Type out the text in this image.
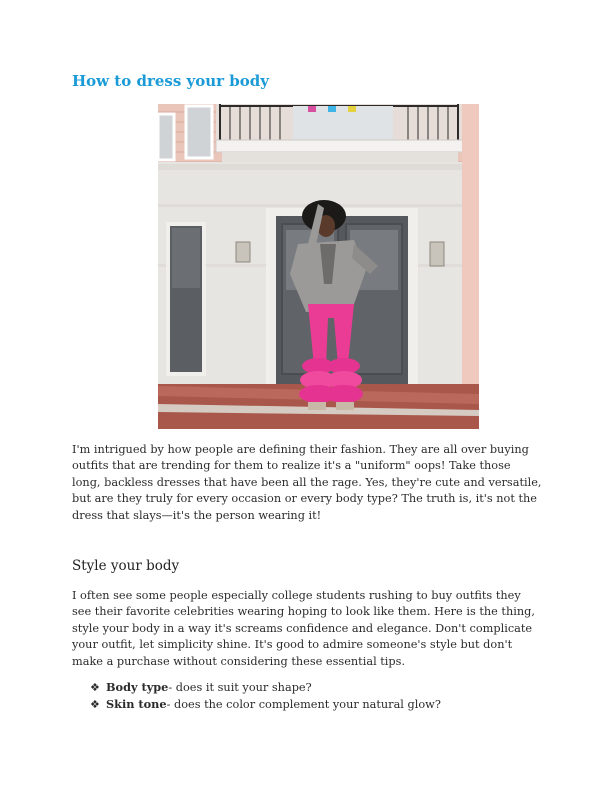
How to dress your body

I'm intrigued by how people are defining their fashion. They are all over buying outfits that are trending for them to realize it's a "uniform" oops! Take those long, backless dresses that have been all the rage. Yes, they're cute and versatile, but are they truly for every occasion or every body type? The truth is, it's not the dress that slays—it's the person wearing it!

Style your body

I often see some people especially college students rushing to buy outfits they see their favorite celebrities wearing hoping to look like them. Here is the thing, style your body in a way it's screams confidence and elegance. Don't complicate your outfit, let simplicity shine. It's good to admire someone's style but don't make a purchase without considering these essential tips.

❖ Body type- does it suit your shape?
❖ Skin tone- does the color complement your natural glow?
